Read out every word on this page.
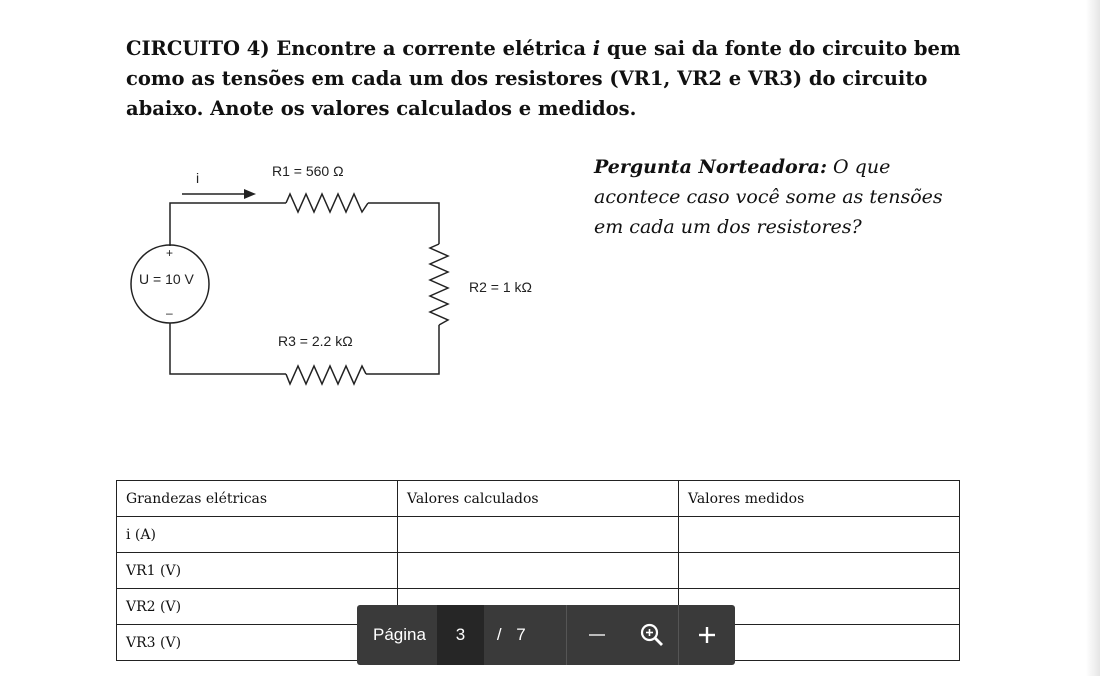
CIRCUITO 4) Encontre a corrente elétrica i que sai da fonte do circuito bem como as tensões em cada um dos resistores (VR1, VR2 e VR3) do circuito abaixo. Anote os valores calculados e medidos.

Pergunta Norteadora: O que acontece caso você some as tensões em cada um dos resistores?
i	R1 = 560 Ω
R2 = 1 kΩ
R3 = 2.2 kΩ
U = 10 V
+
–
Grandezas elétricas	Valores calculados	Valores medidos
i (A)		
VR1 (V)		
VR2 (V)		
VR3 (V)			Página	3	/ 7
